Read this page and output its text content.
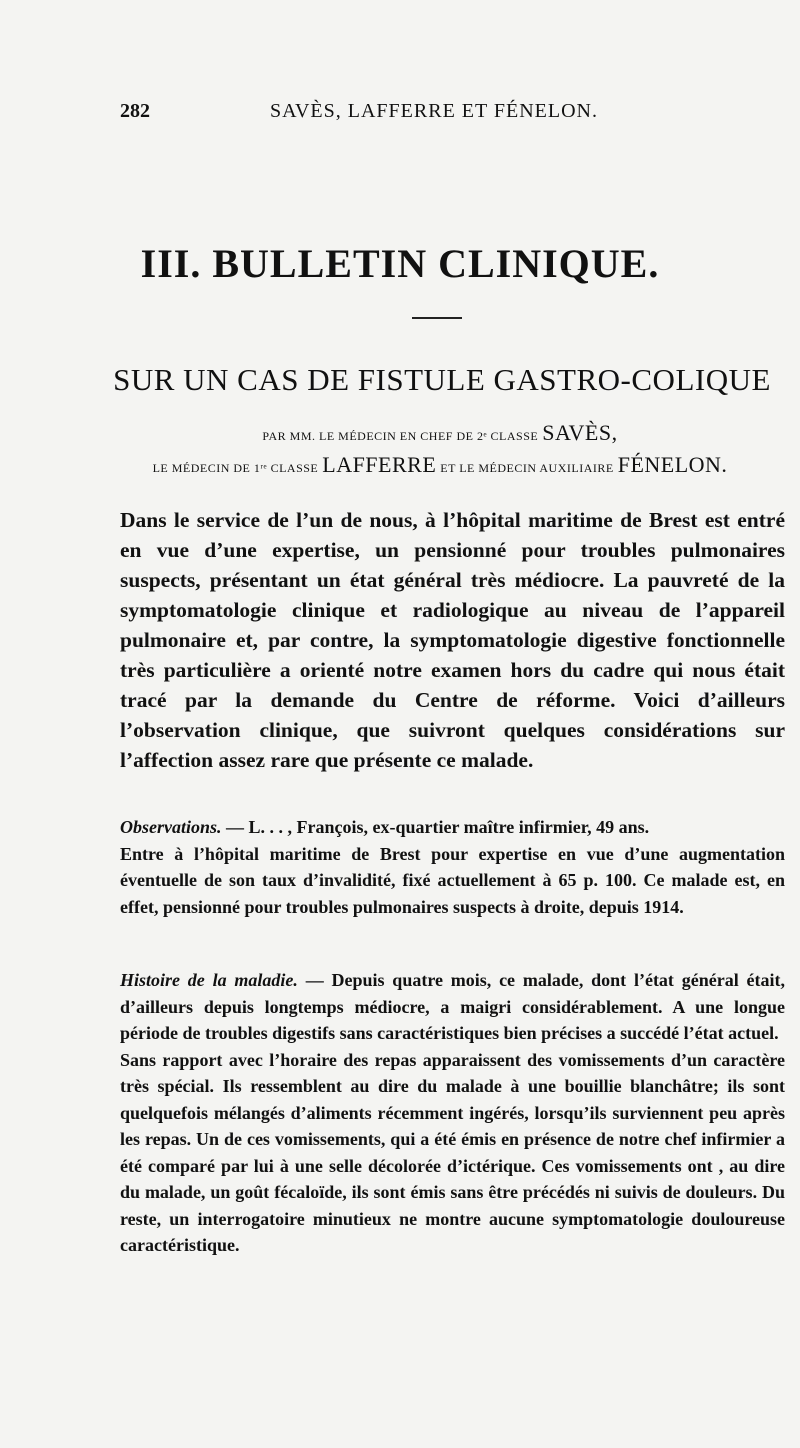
282	SAVÈS, LAFFERRE ET FÉNELON.
III. BULLETIN CLINIQUE.
SUR UN CAS DE FISTULE GASTRO-COLIQUE
PAR MM. LE MÉDECIN EN CHEF DE 2ᵉ CLASSE SAVÈS,
LE MÉDECIN DE 1ʳᵉ CLASSE LAFFERRE ET LE MÉDECIN AUXILIAIRE FÉNELON.

Dans le service de l’un de nous, à l’hôpital maritime de Brest est entré en vue d’une expertise, un pensionné pour troubles pulmonaires suspects, présentant un état général très médiocre. La pauvreté de la symptomatologie clinique et radiologique au niveau de l’appareil pulmonaire et, par contre, la symptomatologie digestive fonctionnelle très particulière a orienté notre examen hors du cadre qui nous était tracé par la demande du Centre de réforme. Voici d’ailleurs l’observation clinique, que suivront quelques considérations sur l’affection assez rare que présente ce malade.

Observations. — L. . . , François, ex-quartier maître infirmier, 49 ans.

Entre à l’hôpital maritime de Brest pour expertise en vue d’une augmentation éventuelle de son taux d’invalidité, fixé actuellement à 65 p. 100. Ce malade est, en effet, pensionné pour troubles pulmonaires suspects à droite, depuis 1914.

Histoire de la maladie. — Depuis quatre mois, ce malade, dont l’état général était, d’ailleurs depuis longtemps médiocre, a maigri considérablement. A une longue période de troubles digestifs sans caractéristiques bien précises a succédé l’état actuel.

Sans rapport avec l’horaire des repas apparaissent des vomissements d’un caractère très spécial. Ils ressemblent au dire du malade à une bouillie blanchâtre; ils sont quelquefois mélangés d’aliments récemment ingérés, lorsqu’ils surviennent peu après les repas. Un de ces vomissements, qui a été émis en présence de notre chef infirmier a été comparé par lui à une selle décolorée d’ictérique. Ces vomissements ont , au dire du malade, un goût fécaloïde, ils sont émis sans être précédés ni suivis de douleurs. Du reste, un interrogatoire minutieux ne montre aucune symptomatologie douloureuse caractéristique.
